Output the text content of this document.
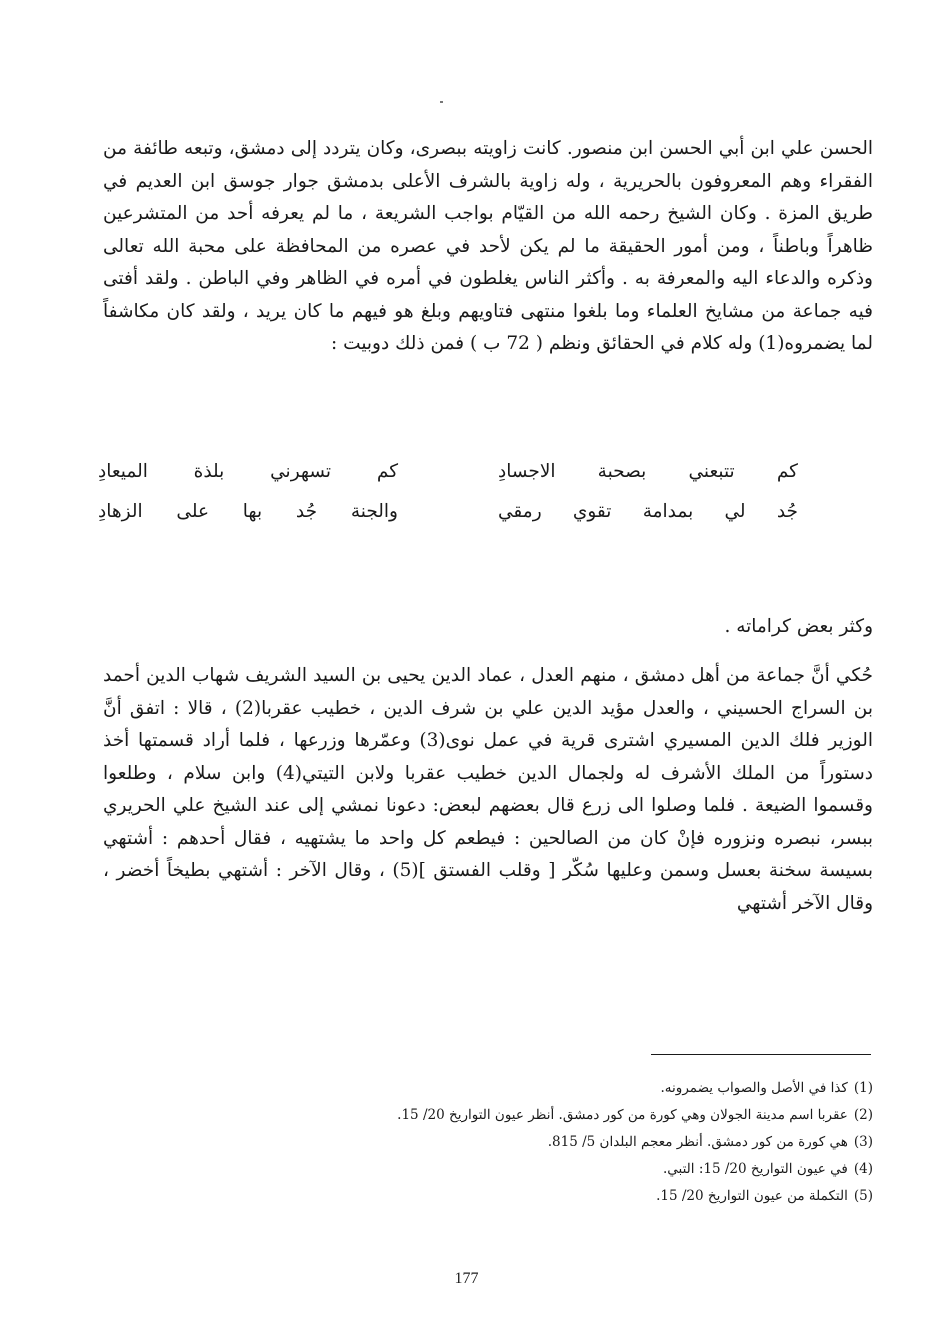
الحسن علي ابن أبي الحسن ابن منصور. كانت زاويته ببصرى، وكان يتردد إلى دمشق، وتبعه طائفة من الفقراء وهم المعروفون بالحريرية ، وله زاوية بالشرف الأعلى بدمشق جوار جوسق ابن العديم في طريق المزة . وكان الشيخ رحمه الله من القيّام بواجب الشريعة ، ما لم يعرفه أحد من المتشرعين ظاهراً وباطناً ، ومن أمور الحقيقة ما لم يكن لأحد في عصره من المحافظة على محبة الله تعالى وذكره والدعاء اليه والمعرفة به . وأكثر الناس يغلطون في أمره في الظاهر وفي الباطن . ولقد أفتى فيه جماعة من مشايخ العلماء وما بلغوا منتهى فتاويهم وبلغ هو فيهم ما كان يريد ، ولقد كان مكاشفاً لما يضمروه(1) وله كلام في الحقائق ونظم ( 72 ب ) فمن ذلك دوبيت :

كم تتبعني بصحبة الاجسادِ
كم تسهرني بلذة الميعادِ
جُد لي بمدامة تقوي رمقي
والجنة جُد بها على الزهادِ

وكثر بعض كراماته .

حُكي أنَّ جماعة من أهل دمشق ، منهم العدل ، عماد الدين يحيى بن السيد الشريف شهاب الدين أحمد بن السراج الحسيني ، والعدل مؤيد الدين علي بن شرف الدين ، خطيب عقربا(2) ، قالا : اتفق أنَّ الوزير فلك الدين المسيري اشترى قرية في عمل نوى(3) وعمّرها وزرعها ، فلما أراد قسمتها أخذ دستوراً من الملك الأشرف له ولجمال الدين خطيب عقربا ولابن التيتي(4) وابن سلام ، وطلعوا وقسموا الضيعة . فلما وصلوا الى زرع قال بعضهم لبعض: دعونا نمشي إلى عند الشيخ علي الحريري ببسر، نبصره ونزوره فإنْ كان من الصالحين : فيطعم كل واحد ما يشتهيه ، فقال أحدهم : أشتهي بسيسة سخنة بعسل وسمن وعليها سُكّر [ وقلب الفستق ](5) ، وقال الآخر : أشتهي بطيخاً أخضر ، وقال الآخر أشتهي

(1)كذا في الأصل والصواب يضمرونه.
(2)عقربا اسم مدينة الجولان وهي كورة من كور دمشق. أنظر عيون التواريخ 20/ 15.
(3)هي كورة من كور دمشق. أنظر معجم البلدان 5/ 815.
(4)في عيون التواريخ 20/ 15: التبي.
(5)التكملة من عيون التواريخ 20/ 15.
177
